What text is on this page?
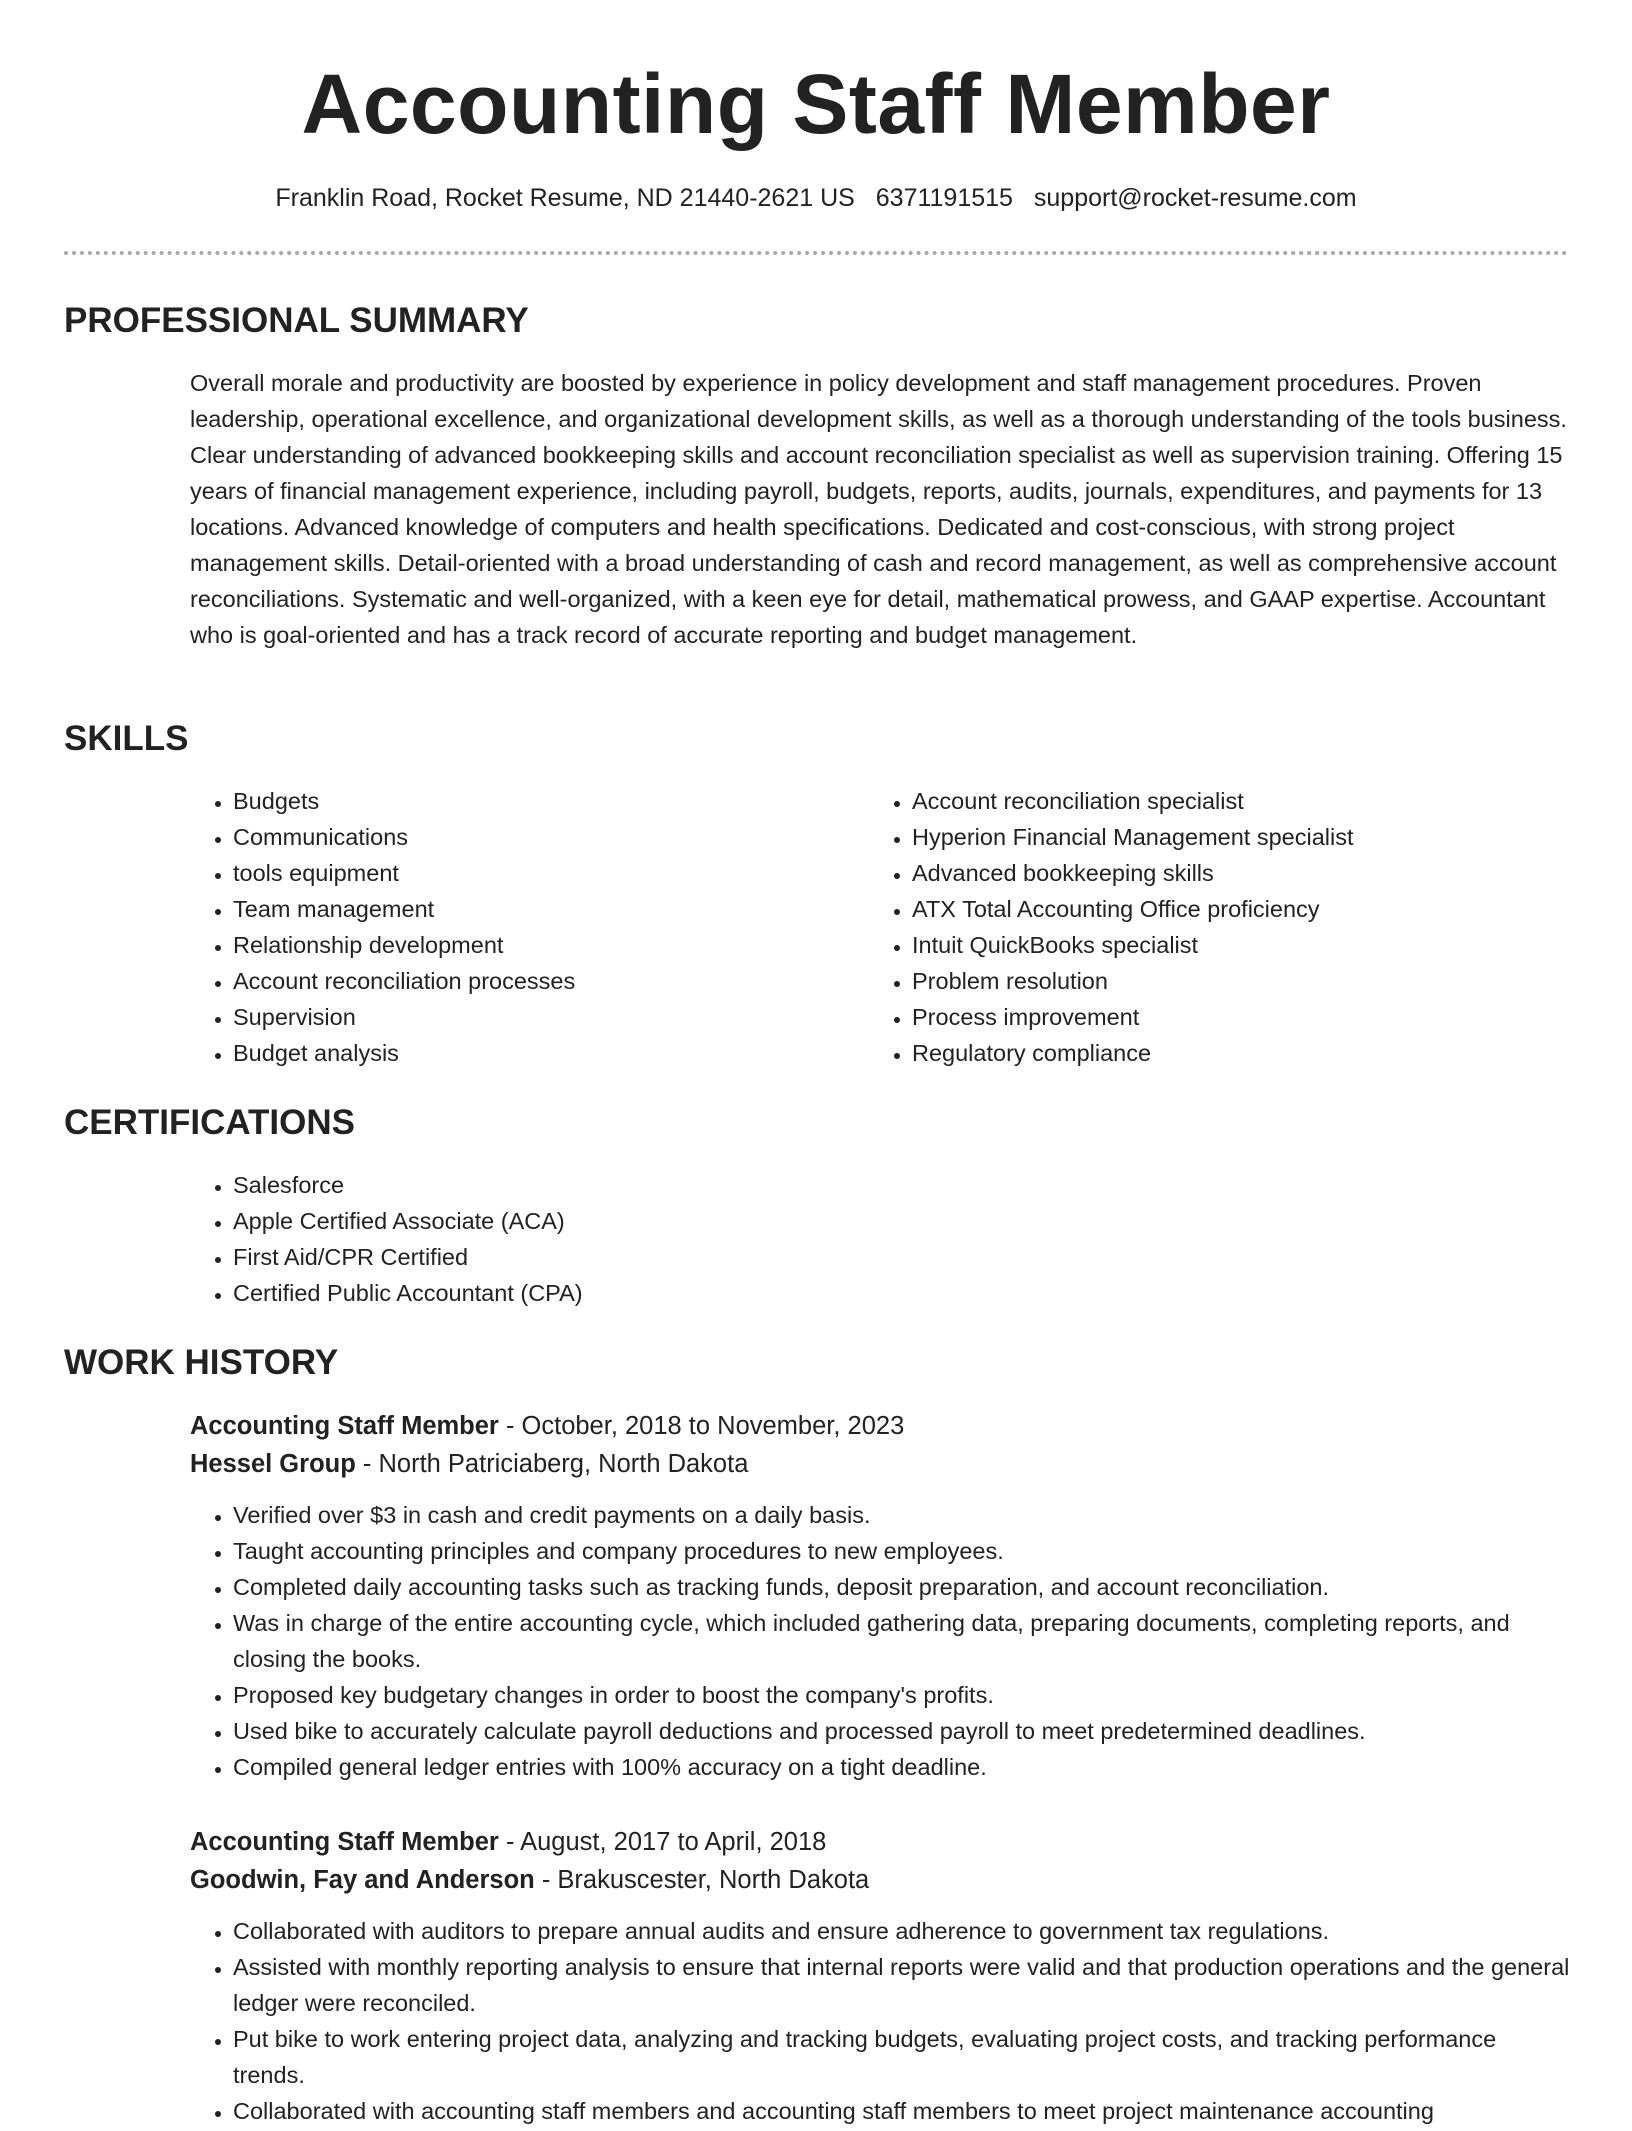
Accounting Staff Member
Franklin Road, Rocket Resume, ND 21440-2621 US 6371191515 support@rocket-resume.com
PROFESSIONAL SUMMARY

Overall morale and productivity are boosted by experience in policy development and staff management procedures. Proven leadership, operational excellence, and organizational development skills, as well as a thorough understanding of the tools business. Clear understanding of advanced bookkeeping skills and account reconciliation specialist as well as supervision training. Offering 15 years of financial management experience, including payroll, budgets, reports, audits, journals, expenditures, and payments for 13 locations. Advanced knowledge of computers and health specifications. Dedicated and cost-conscious, with strong project management skills. Detail-oriented with a broad understanding of cash and record management, as well as comprehensive account reconciliations. Systematic and well-organized, with a keen eye for detail, mathematical prowess, and GAAP expertise. Accountant who is goal-oriented and has a track record of accurate reporting and budget management.

SKILLS
• Budgets
• Communications
• tools equipment
• Team management
• Relationship development
• Account reconciliation processes
• Supervision
• Budget analysis
• Account reconciliation specialist
• Hyperion Financial Management specialist
• Advanced bookkeeping skills
• ATX Total Accounting Office proficiency
• Intuit QuickBooks specialist
• Problem resolution
• Process improvement
• Regulatory compliance
CERTIFICATIONS
• Salesforce
• Apple Certified Associate (ACA)
• First Aid/CPR Certified
• Certified Public Accountant (CPA)
WORK HISTORY
Accounting Staff Member - October, 2018 to November, 2023
Hessel Group - North Patriciaberg, North Dakota
• Verified over $3 in cash and credit payments on a daily basis.
• Taught accounting principles and company procedures to new employees.
• Completed daily accounting tasks such as tracking funds, deposit preparation, and account reconciliation.
• Was in charge of the entire accounting cycle, which included gathering data, preparing documents, completing reports, and closing the books.
• Proposed key budgetary changes in order to boost the company's profits.
• Used bike to accurately calculate payroll deductions and processed payroll to meet predetermined deadlines.
• Compiled general ledger entries with 100% accuracy on a tight deadline.
Accounting Staff Member - August, 2017 to April, 2018
Goodwin, Fay and Anderson - Brakuscester, North Dakota
• Collaborated with auditors to prepare annual audits and ensure adherence to government tax regulations.
• Assisted with monthly reporting analysis to ensure that internal reports were valid and that production operations and the general ledger were reconciled.
• Put bike to work entering project data, analyzing and tracking budgets, evaluating project costs, and tracking performance trends.
• Collaborated with accounting staff members and accounting staff members to meet project maintenance accounting
